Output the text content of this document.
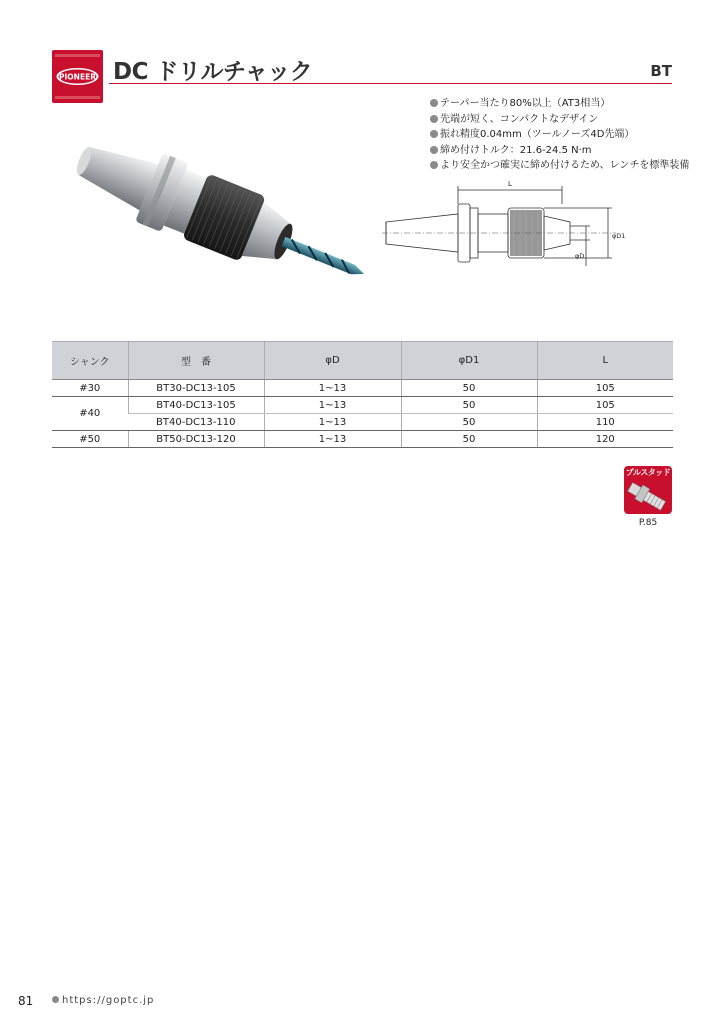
PIONEER DC ドリルチャック	BT
テーパー当たり80%以上（AT3相当）
先端が短く、コンパクトなデザイン
振れ精度0.04mm（ツールノーズ4D先端）
締め付けトルク：21.6-24.5 N·m
より安全かつ確実に締め付けるため、レンチを標準装備
L
φD1
φD
シャンク	型　番	φD	φD1	L
#30	BT30-DC13-105	1~13	50	105
#40	BT40-DC13-105	1~13	50	105
	BT40-DC13-110	1~13	50	110
#50	BT50-DC13-120	1~13	50	120
プルスタッド
P.85
81	https://goptc.jp
